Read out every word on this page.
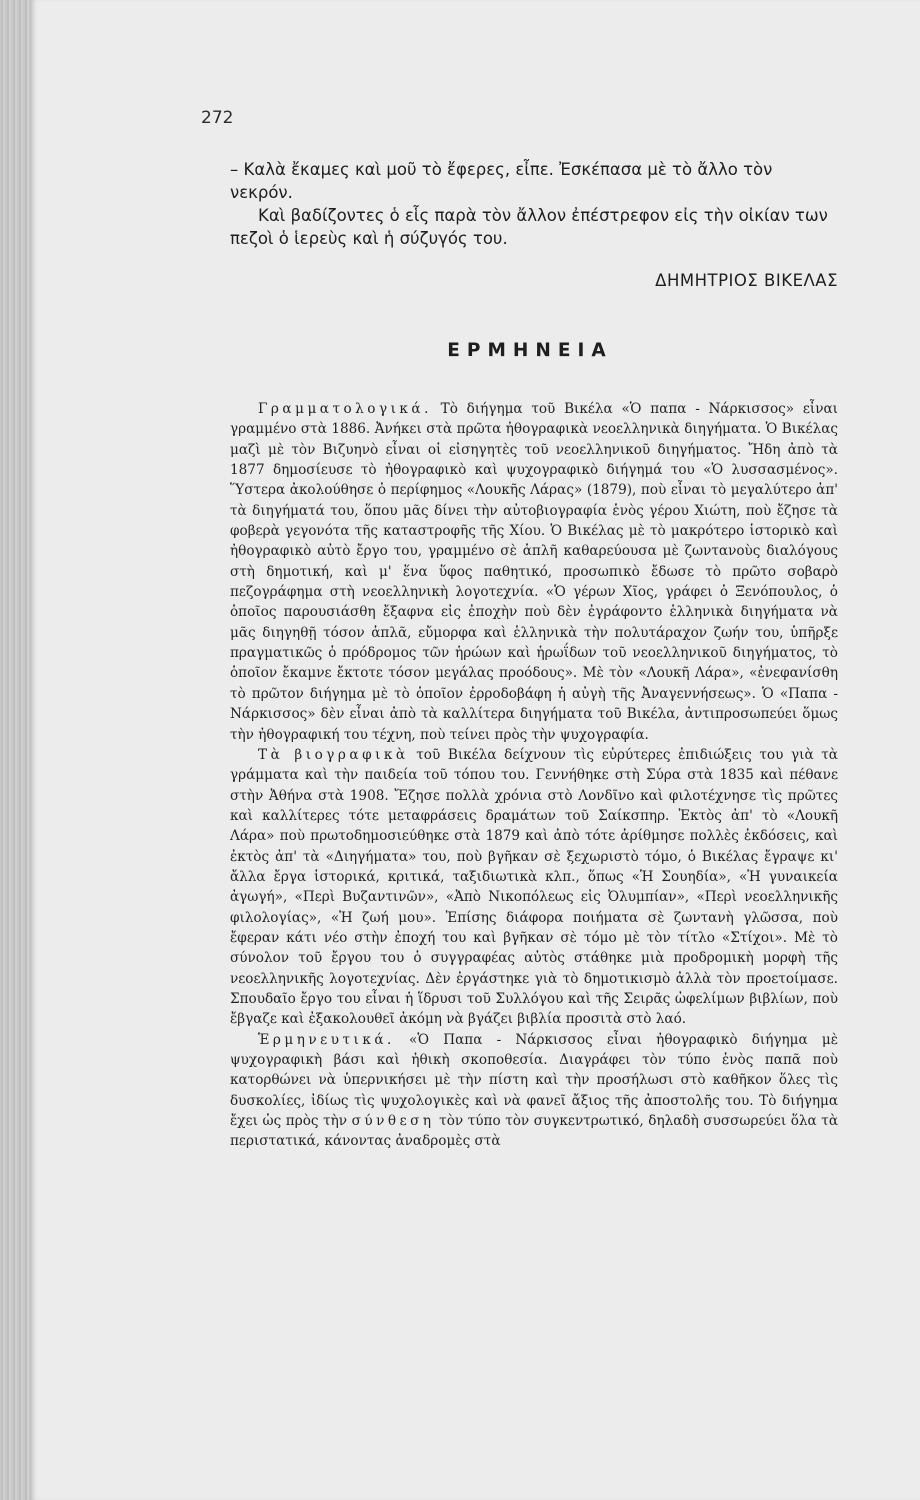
272

– Καλὰ ἔκαμες καὶ μοῦ τὸ ἔφερες, εἶπε. Ἐσκέπασα μὲ τὸ ἄλλο τὸν νεκρόν.

Καὶ βαδίζοντες ὁ εἷς παρὰ τὸν ἄλλον ἐπέστρεφον εἰς τὴν οἰκίαν των πεζοὶ ὁ ἱερεὺς καὶ ἡ σύζυγός του.

ΔΗΜΗΤΡΙΟΣ ΒΙΚΕΛΑΣ
ΕΡΜΗΝΕΙΑ

Γραμματολογικά. Τὸ διήγημα τοῦ Βικέλα «Ὁ παπα - Νάρκισσος» εἶναι γραμμένο στὰ 1886. Ἀνήκει στὰ πρῶτα ἠθογραφικὰ νεοελληνικὰ διηγήματα. Ὁ Βικέλας μαζὶ μὲ τὸν Βιζυηνὸ εἶναι οἱ εἰσηγητὲς τοῦ νεοελληνικοῦ διηγήματος. Ἤδη ἀπὸ τὰ 1877 δημοσίευσε τὸ ἠθογραφικὸ καὶ ψυχογραφικὸ διήγημά του «Ὁ λυσσασμένος». Ὕστερα ἀκολούθησε ὁ περίφημος «Λουκῆς Λάρας» (1879), ποὺ εἶναι τὸ μεγαλύτερο ἀπ' τὰ διηγήματά του, ὅπου μᾶς δίνει τὴν αὐτοβιογραφία ἑνὸς γέρου Χιώτη, ποὺ ἔζησε τὰ φοβερὰ γεγονότα τῆς καταστροφῆς τῆς Χίου. Ὁ Βικέλας μὲ τὸ μακρότερο ἱστορικὸ καὶ ἠθογραφικὸ αὐτὸ ἔργο του, γραμμένο σὲ ἁπλῆ καθαρεύουσα μὲ ζωντανοὺς διαλόγους στὴ δημοτική, καὶ μ' ἕνα ὕφος παθητικό, προσωπικὸ ἔδωσε τὸ πρῶτο σοβαρὸ πεζογράφημα στὴ νεοελληνικὴ λογοτεχνία. «Ὁ γέρων Χῖος, γράφει ὁ Ξενόπουλος, ὁ ὁποῖος παρουσιάσθη ἔξαφνα εἰς ἐποχὴν ποὺ δὲν ἐγράφοντο ἑλληνικὰ διηγήματα νὰ μᾶς διηγηθῇ τόσον ἁπλᾶ, εὔμορφα καὶ ἑλληνικὰ τὴν πολυτάραχον ζωήν του, ὑπῆρξε πραγματικῶς ὁ πρόδρομος τῶν ἡρώων καὶ ἡρωΐδων τοῦ νεοελληνικοῦ διηγήματος, τὸ ὁποῖον ἔκαμνε ἔκτοτε τόσον μεγάλας προόδους». Μὲ τὸν «Λουκῆ Λάρα», «ἐνεφανίσθη τὸ πρῶτον διήγημα μὲ τὸ ὁποῖον ἐρροδοβάφη ἡ αὐγὴ τῆς Ἀναγεννήσεως». Ὁ «Παπα - Νάρκισσος» δὲν εἶναι ἀπὸ τὰ καλλίτερα διηγήματα τοῦ Βικέλα, ἀντιπροσωπεύει ὅμως τὴν ἠθογραφική του τέχνη, ποὺ τείνει πρὸς τὴν ψυχογραφία.

Τὰ βιογραφικὰ τοῦ Βικέλα δείχνουν τὶς εὐρύτερες ἐπιδιώξεις του γιὰ τὰ γράμματα καὶ τὴν παιδεία τοῦ τόπου του. Γεννήθηκε στὴ Σύρα στὰ 1835 καὶ πέθανε στὴν Ἀθήνα στὰ 1908. Ἔζησε πολλὰ χρόνια στὸ Λονδῖνο καὶ φιλοτέχνησε τὶς πρῶτες καὶ καλλίτερες τότε μεταφράσεις δραμάτων τοῦ Σαίκσπηρ. Ἐκτὸς ἀπ' τὸ «Λουκῆ Λάρα» ποὺ πρωτοδημοσιεύθηκε στὰ 1879 καὶ ἀπὸ τότε ἀρίθμησε πολλὲς ἐκδόσεις, καὶ ἐκτὸς ἀπ' τὰ «Διηγήματα» του, ποὺ βγῆκαν σὲ ξεχωριστὸ τόμο, ὁ Βικέλας ἔγραψε κι' ἄλλα ἔργα ἱστορικά, κριτικά, ταξιδιωτικὰ κλπ., ὅπως «Ἡ Σουηδία», «Ἡ γυναικεία ἀγωγή», «Περὶ Βυζαντινῶν», «Ἀπὸ Νικοπόλεως εἰς Ὀλυμπίαν», «Περὶ νεοελληνικῆς φιλολογίας», «Ἡ ζωή μου». Ἐπίσης διάφορα ποιήματα σὲ ζωντανὴ γλῶσσα, ποὺ ἔφεραν κάτι νέο στὴν ἐποχή του καὶ βγῆκαν σὲ τόμο μὲ τὸν τίτλο «Στίχοι». Μὲ τὸ σύνολον τοῦ ἔργου του ὁ συγγραφέας αὐτὸς στάθηκε μιὰ προδρομικὴ μορφὴ τῆς νεοελληνικῆς λογοτεχνίας. Δὲν ἐργάστηκε γιὰ τὸ δημοτικισμὸ ἀλλὰ τὸν προετοίμασε. Σπουδαῖο ἔργο του εἶναι ἡ ἵδρυσι τοῦ Συλλόγου καὶ τῆς Σειρᾶς ὠφελίμων βιβλίων, ποὺ ἔβγαζε καὶ ἐξακολουθεῖ ἀκόμη νὰ βγάζει βιβλία προσιτὰ στὸ λαό.

Ἑρμηνευτικά. «Ὁ Παπα - Νάρκισσος εἶναι ἠθογραφικὸ διήγημα μὲ ψυχογραφικὴ βάσι καὶ ἠθικὴ σκοποθεσία. Διαγράφει τὸν τύπο ἑνὸς παπᾶ ποὺ κατορθώνει νὰ ὑπερνικήσει μὲ τὴν πίστη καὶ τὴν προσήλωσι στὸ καθῆκον ὅλες τὶς δυσκολίες, ἰδίως τὶς ψυχολογικὲς καὶ νὰ φανεῖ ἄξιος τῆς ἀποστολῆς του. Τὸ διήγημα ἔχει ὡς πρὸς τὴν σύνθεση τὸν τύπο τὸν συγκεντρωτικό, δηλαδὴ συσσωρεύει ὅλα τὰ περιστατικά, κάνοντας ἀναδρομὲς στὰ
